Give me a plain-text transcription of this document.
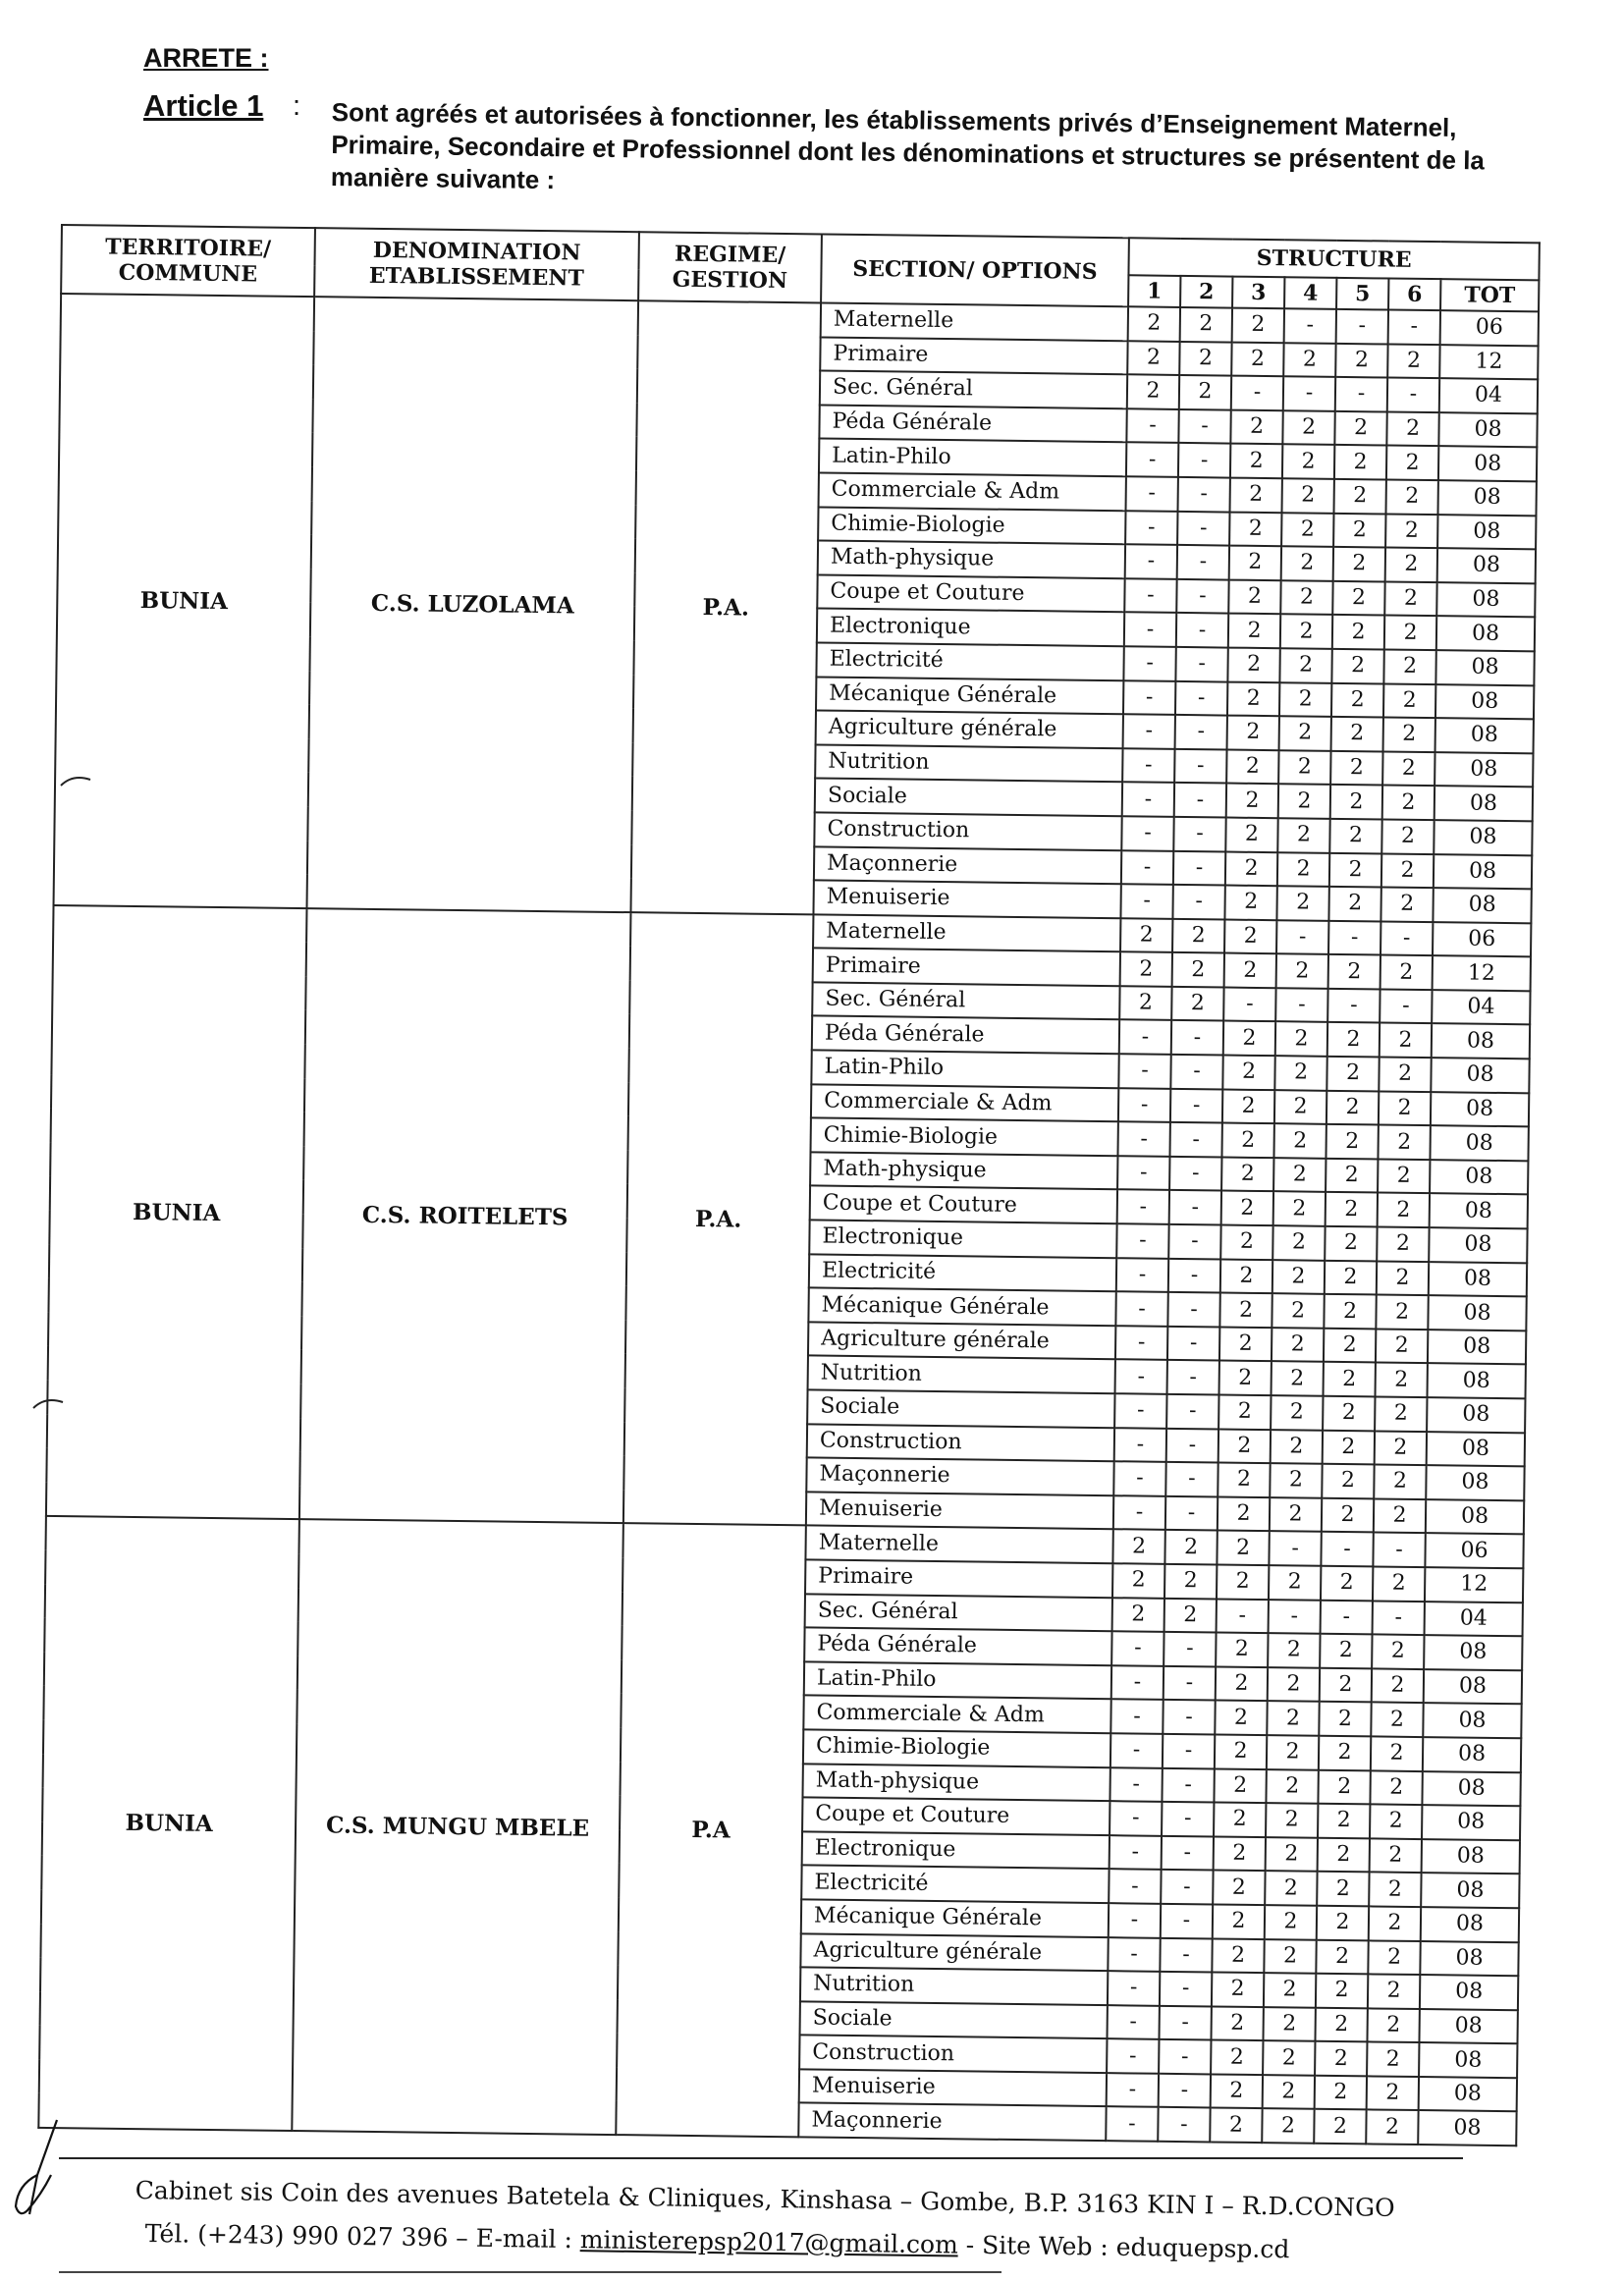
ARRETE :
Article 1 : Sont agréés et autorisées à fonctionner, les établissements privés d’Enseignement Maternel, Primaire, Secondaire et Professionnel dont les dénominations et structures se présentent de la manière suivante :
TERRITOIRE/ COMMUNE	DENOMINATION ETABLISSEMENT	REGIME/ GESTION	SECTION/ OPTIONS	STRUCTURE						
				1	2	3	4	5	6	TOT
BUNIA	C.S. LUZOLAMA	P.A.	Maternelle	2	2	2	-	-	-	06
			Primaire	2	2	2	2	2	2	12
			Sec. Général	2	2	-	-	-	-	04
			Péda Générale	-	-	2	2	2	2	08
			Latin-Philo	-	-	2	2	2	2	08
			Commerciale & Adm	-	-	2	2	2	2	08
			Chimie-Biologie	-	-	2	2	2	2	08
			Math-physique	-	-	2	2	2	2	08
			Coupe et Couture	-	-	2	2	2	2	08
			Electronique	-	-	2	2	2	2	08
			Electricité	-	-	2	2	2	2	08
			Mécanique Générale	-	-	2	2	2	2	08
			Agriculture générale	-	-	2	2	2	2	08
			Nutrition	-	-	2	2	2	2	08
			Sociale	-	-	2	2	2	2	08
			Construction	-	-	2	2	2	2	08
			Maçonnerie	-	-	2	2	2	2	08
			Menuiserie	-	-	2	2	2	2	08
BUNIA	C.S. ROITELETS	P.A.	Maternelle	2	2	2	-	-	-	06
			Primaire	2	2	2	2	2	2	12
			Sec. Général	2	2	-	-	-	-	04
			Péda Générale	-	-	2	2	2	2	08
			Latin-Philo	-	-	2	2	2	2	08
			Commerciale & Adm	-	-	2	2	2	2	08
			Chimie-Biologie	-	-	2	2	2	2	08
			Math-physique	-	-	2	2	2	2	08
			Coupe et Couture	-	-	2	2	2	2	08
			Electronique	-	-	2	2	2	2	08
			Electricité	-	-	2	2	2	2	08
			Mécanique Générale	-	-	2	2	2	2	08
			Agriculture générale	-	-	2	2	2	2	08
			Nutrition	-	-	2	2	2	2	08
			Sociale	-	-	2	2	2	2	08
			Construction	-	-	2	2	2	2	08
			Maçonnerie	-	-	2	2	2	2	08
			Menuiserie	-	-	2	2	2	2	08
BUNIA	C.S. MUNGU MBELE	P.A	Maternelle	2	2	2	-	-	-	06
			Primaire	2	2	2	2	2	2	12
			Sec. Général	2	2	-	-	-	-	04
			Péda Générale	-	-	2	2	2	2	08
			Latin-Philo	-	-	2	2	2	2	08
			Commerciale & Adm	-	-	2	2	2	2	08
			Chimie-Biologie	-	-	2	2	2	2	08
			Math-physique	-	-	2	2	2	2	08
			Coupe et Couture	-	-	2	2	2	2	08
			Electronique	-	-	2	2	2	2	08
			Electricité	-	-	2	2	2	2	08
			Mécanique Générale	-	-	2	2	2	2	08
			Agriculture générale	-	-	2	2	2	2	08
			Nutrition	-	-	2	2	2	2	08
			Sociale	-	-	2	2	2	2	08
			Construction	-	-	2	2	2	2	08
			Menuiserie	-	-	2	2	2	2	08
			Maçonnerie	-	-	2	2	2	2	08
Cabinet sis Coin des avenues Batetela & Cliniques, Kinshasa – Gombe, B.P. 3163 KIN I – R.D.CONGO
Tél. (+243) 990 027 396 – E-mail : ministerepsp2017@gmail.com - Site Web : eduquepsp.cd
